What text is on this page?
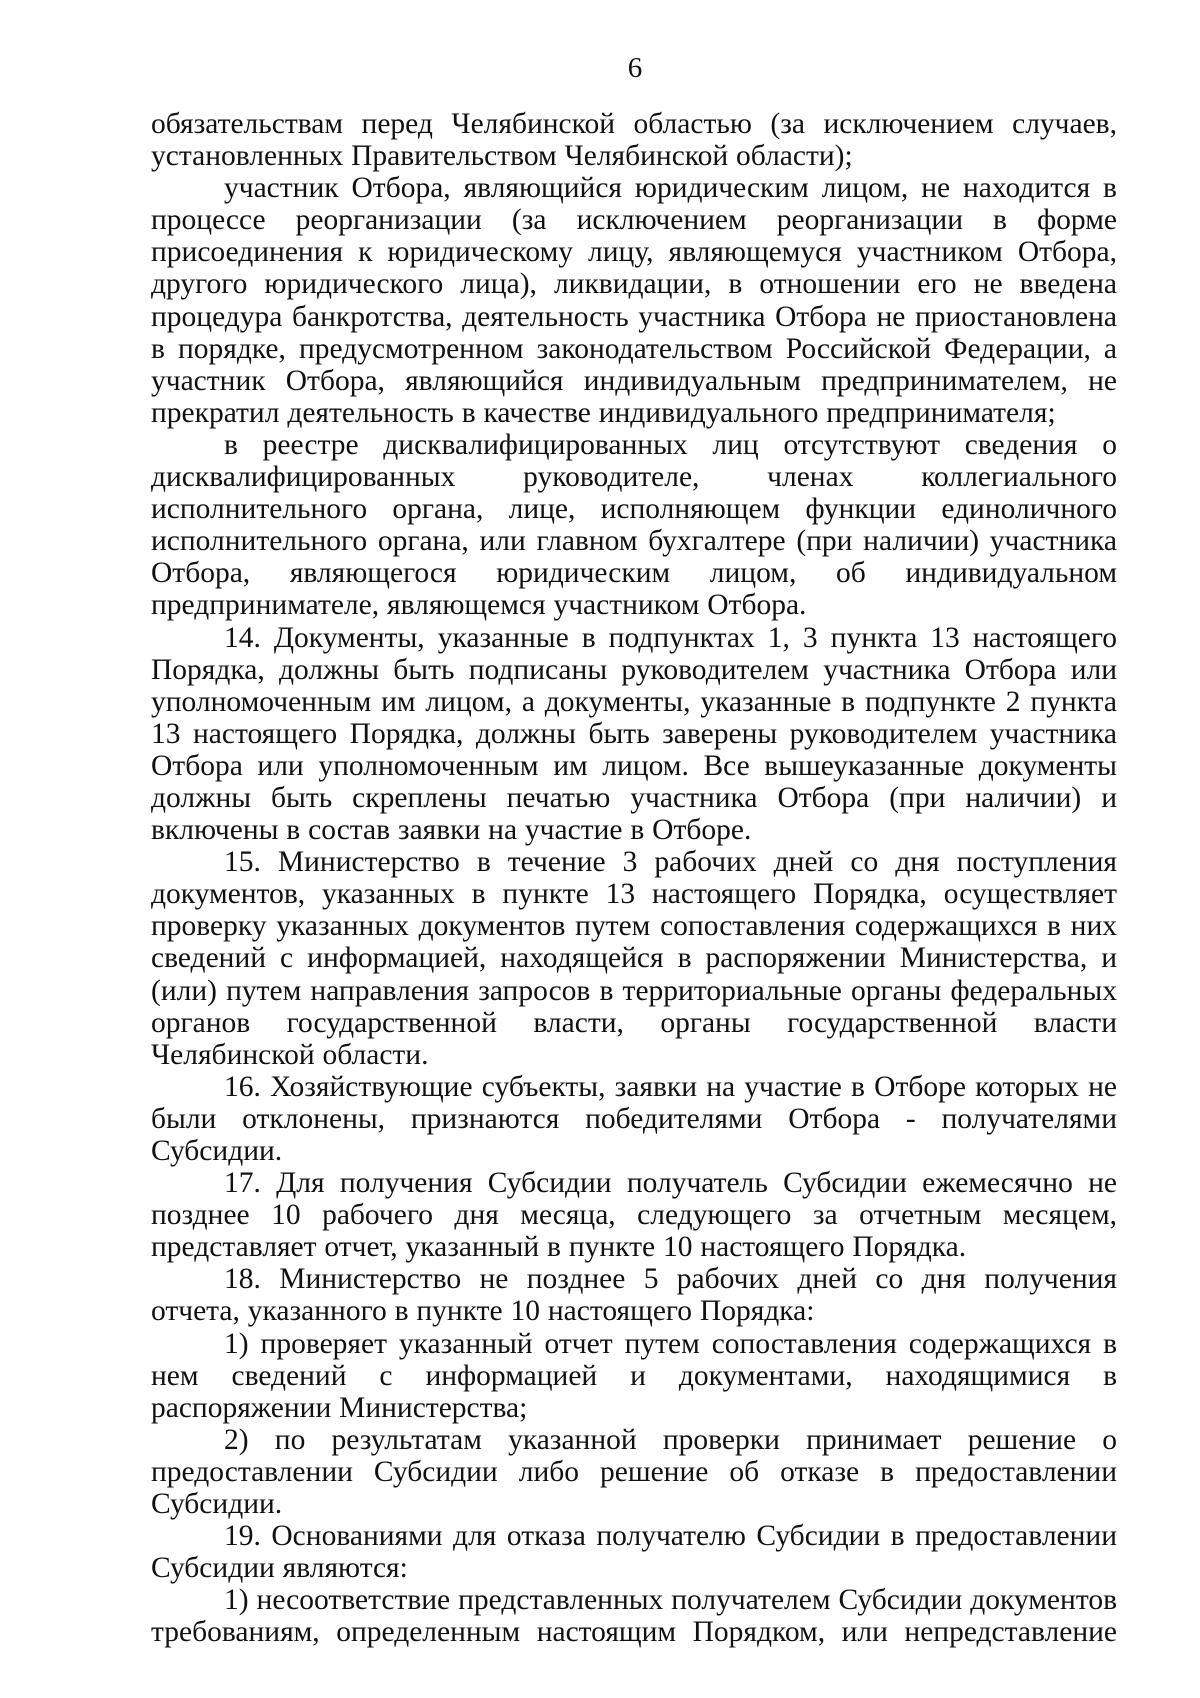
6

обязательствам перед Челябинской областью (за исключением случаев, установленных Правительством Челябинской области);

участник Отбора, являющийся юридическим лицом, не находится в процессе реорганизации (за исключением реорганизации в форме присоединения к юридическому лицу, являющемуся участником Отбора, другого юридического лица), ликвидации, в отношении его не введена процедура банкротства, деятельность участника Отбора не приостановлена в порядке, предусмотренном законодательством Российской Федерации, а участник Отбора, являющийся индивидуальным предпринимателем, не прекратил деятельность в качестве индивидуального предпринимателя;

в реестре дисквалифицированных лиц отсутствуют сведения о дисквалифицированных руководителе, членах коллегиального исполнительного органа, лице, исполняющем функции единоличного исполнительного органа, или главном бухгалтере (при наличии) участника Отбора, являющегося юридическим лицом, об индивидуальном предпринимателе, являющемся участником Отбора.

14. Документы, указанные в подпунктах 1, 3 пункта 13 настоящего Порядка, должны быть подписаны руководителем участника Отбора или уполномоченным им лицом, а документы, указанные в подпункте 2 пункта 13 настоящего Порядка, должны быть заверены руководителем участника Отбора или уполномоченным им лицом. Все вышеуказанные документы должны быть скреплены печатью участника Отбора (при наличии) и включены в состав заявки на участие в Отборе.

15. Министерство в течение 3 рабочих дней со дня поступления документов, указанных в пункте 13 настоящего Порядка, осуществляет проверку указанных документов путем сопоставления содержащихся в них сведений с информацией, находящейся в распоряжении Министерства, и (или) путем направления запросов в территориальные органы федеральных органов государственной власти, органы государственной власти Челябинской области.

16. Хозяйствующие субъекты, заявки на участие в Отборе которых не были отклонены, признаются победителями Отбора - получателями Субсидии.

17. Для получения Субсидии получатель Субсидии ежемесячно не позднее 10 рабочего дня месяца, следующего за отчетным месяцем, представляет отчет, указанный в пункте 10 настоящего Порядка.

18. Министерство не позднее 5 рабочих дней со дня получения отчета, указанного в пункте 10 настоящего Порядка:

1) проверяет указанный отчет путем сопоставления содержащихся в нем сведений с информацией и документами, находящимися в распоряжении Министерства;

2) по результатам указанной проверки принимает решение о предоставлении Субсидии либо решение об отказе в предоставлении Субсидии.

19. Основаниями для отказа получателю Субсидии в предоставлении Субсидии являются:

1) несоответствие представленных получателем Субсидии документов требованиям, определенным настоящим Порядком, или непредставление
